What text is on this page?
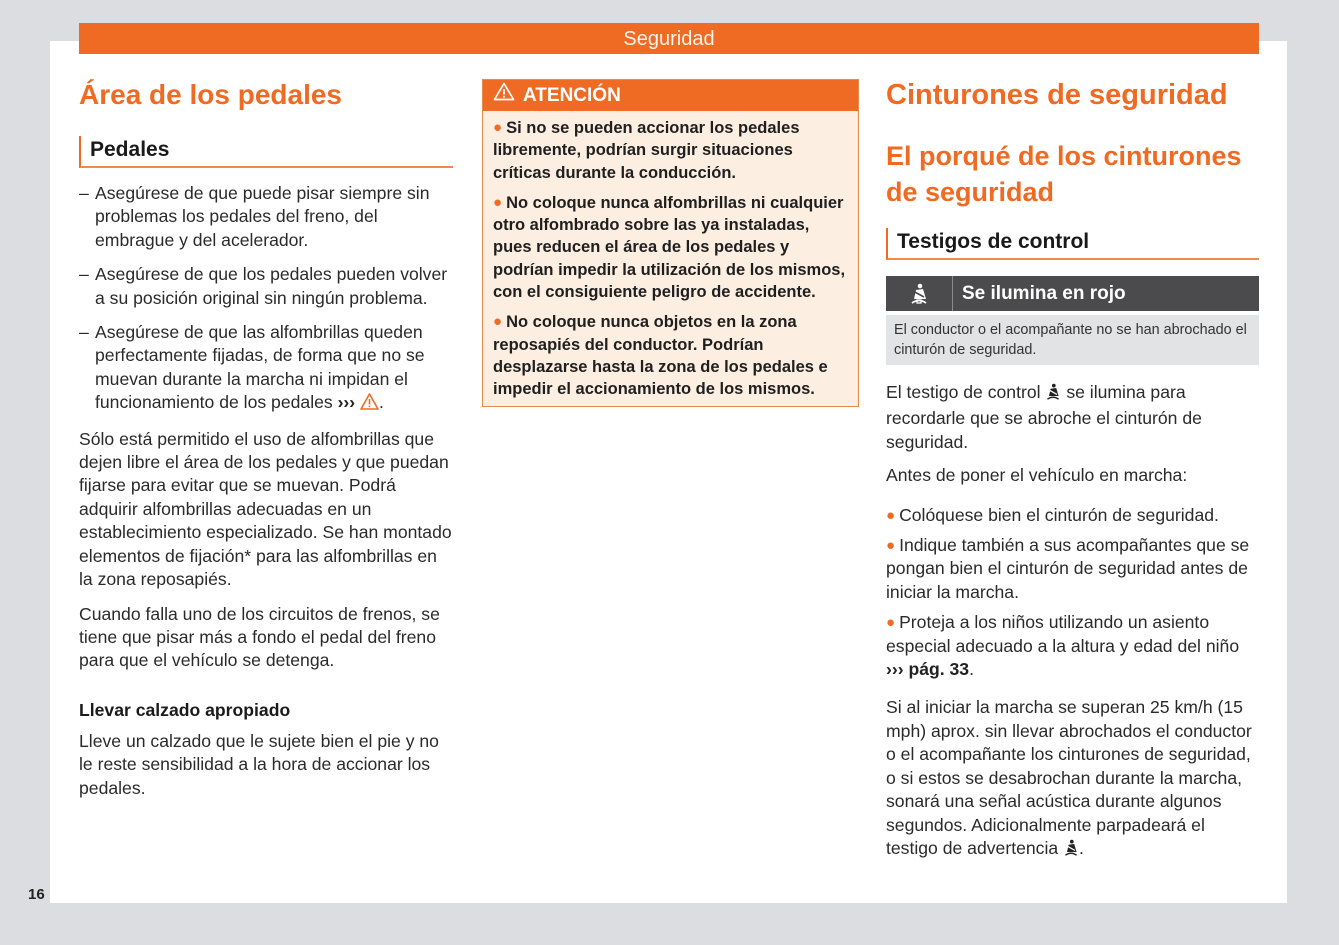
Seguridad
Área de los pedales
Pedales
– Asegúrese de que puede pisar siempre sin problemas los pedales del freno, del embrague y del acelerador.
– Asegúrese de que los pedales pueden volver a su posición original sin ningún problema.
– Asegúrese de que las alfombrillas queden perfectamente fijadas, de forma que no se muevan durante la marcha ni impidan el funcionamiento de los pedales ››› .

Sólo está permitido el uso de alfombrillas que dejen libre el área de los pedales y que puedan fijarse para evitar que se muevan. Podrá adquirir alfombrillas adecuadas en un establecimiento especializado. Se han montado elementos de fijación* para las alfombrillas en la zona reposapiés.

Cuando falla uno de los circuitos de frenos, se tiene que pisar más a fondo el pedal del freno para que el vehículo se detenga.

Llevar calzado apropiado

Lleve un calzado que le sujete bien el pie y no le reste sensibilidad a la hora de accionar los pedales.

ATENCIÓN
● Si no se pueden accionar los pedales libremente, podrían surgir situaciones críticas durante la conducción.
● No coloque nunca alfombrillas ni cualquier otro alfombrado sobre las ya instaladas, pues reducen el área de los pedales y podrían impedir la utilización de los mismos, con el consiguiente peligro de accidente.
● No coloque nunca objetos en la zona reposapiés del conductor. Podrían desplazarse hasta la zona de los pedales e impedir el accionamiento de los mismos.
Cinturones de seguridad
El porqué de los cinturones de seguridad
Testigos de control
Se ilumina en rojo
El conductor o el acompañante no se han abrochado el cinturón de seguridad.

El testigo de control se ilumina para recordarle que se abroche el cinturón de seguridad.

Antes de poner el vehículo en marcha:

● Colóquese bien el cinturón de seguridad.
● Indique también a sus acompañantes que se pongan bien el cinturón de seguridad antes de iniciar la marcha.
● Proteja a los niños utilizando un asiento especial adecuado a la altura y edad del niño ››› pág. 33.

Si al iniciar la marcha se superan 25 km/h (15 mph) aprox. sin llevar abrochados el conductor o el acompañante los cinturones de seguridad, o si estos se desabrochan durante la marcha, sonará una señal acústica durante algunos segundos. Adicionalmente parpadeará el testigo de advertencia .

16
